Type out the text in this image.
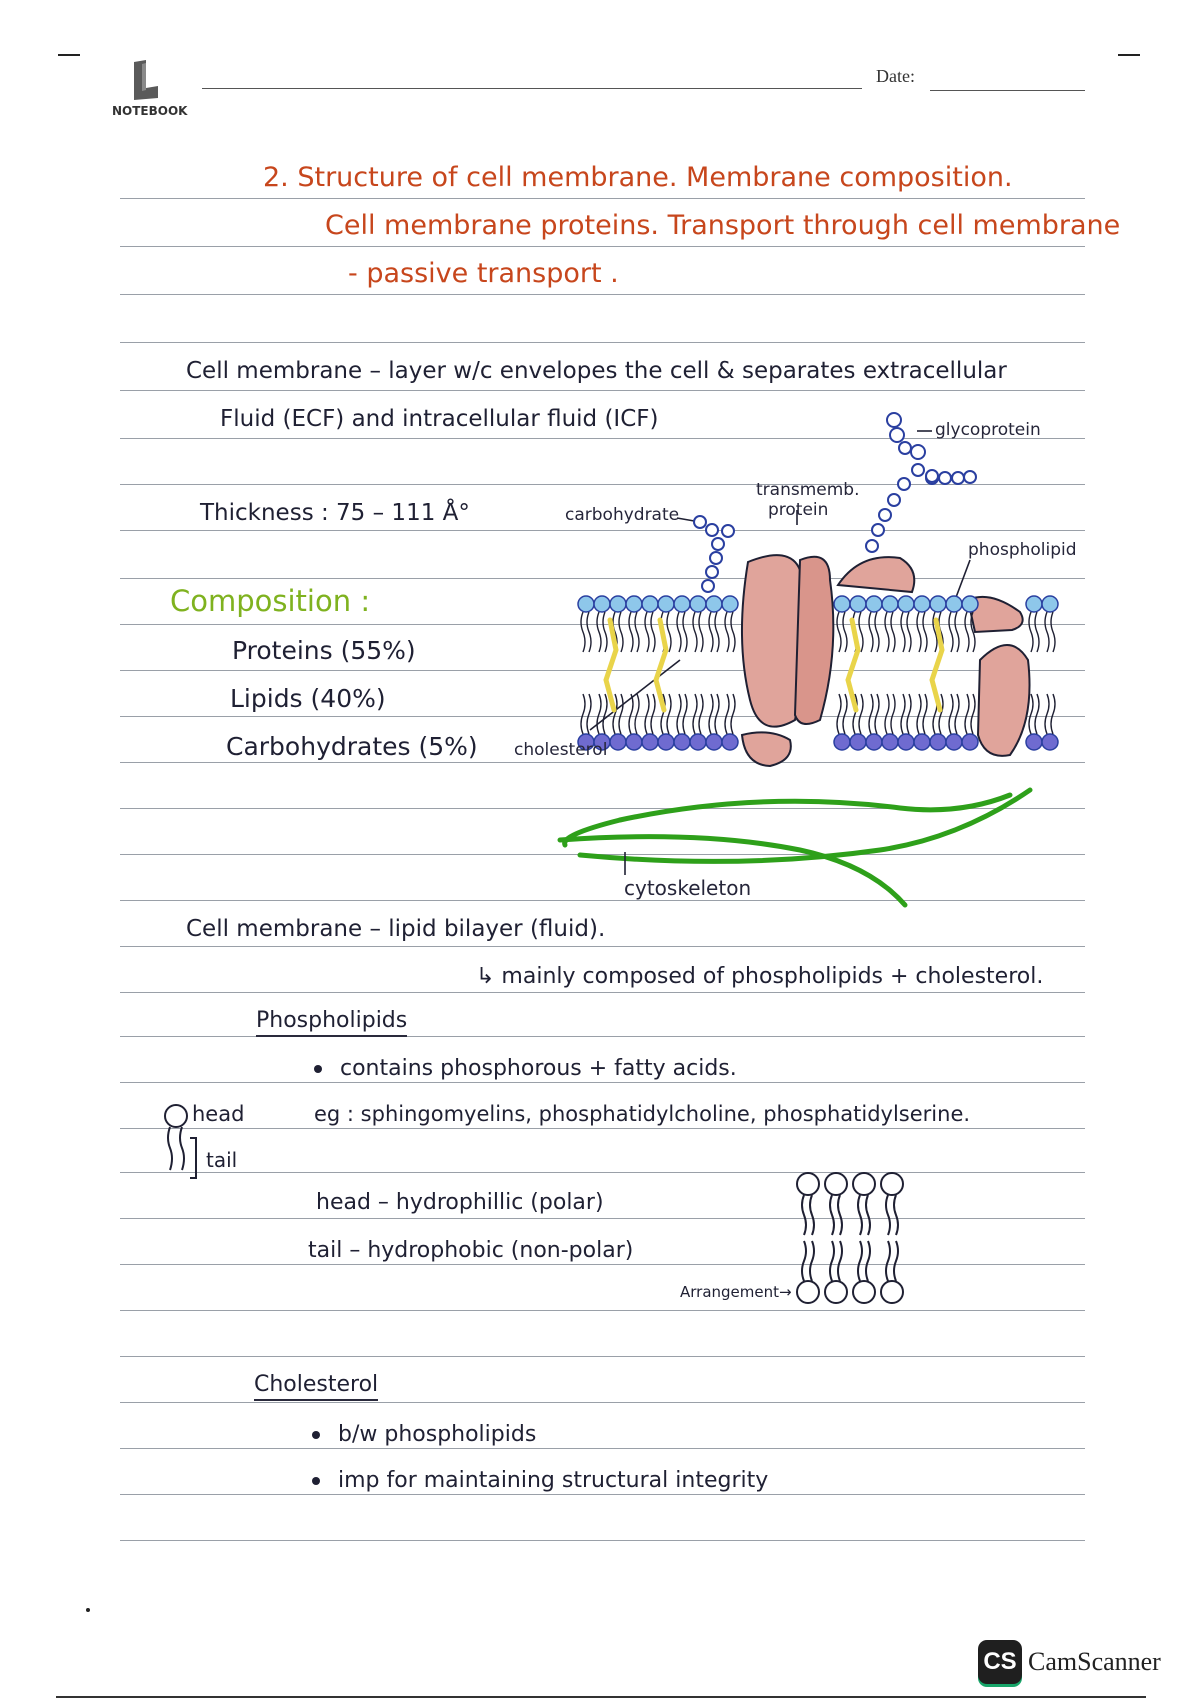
NOTEBOOK
Date:
2. Structure of cell membrane. Membrane composition.
Cell membrane proteins. Transport through cell membrane
- passive transport .
Cell membrane – layer w/c envelopes the cell & separates extracellular
Fluid (ECF) and intracellular fluid (ICF)
Thickness : 75 – 111 Å°
Composition :
Proteins (55%)
Lipids (40%)
Carbohydrates (5%)
glycoprotein
transmemb.
protein
carbohydrate
phospholipid
cholesterol
cytoskeleton
Cell membrane – lipid bilayer (fluid).
↳ mainly composed of phospholipids + cholesterol.
Phospholipids
contains phosphorous + fatty acids.
eg : sphingomyelins, phosphatidylcholine, phosphatidylserine.
head
tail
head – hydrophillic (polar)
tail – hydrophobic (non-polar)
Arrangement→
Cholesterol
b/w phospholipids
imp for maintaining structural integrity
CS CamScanner
